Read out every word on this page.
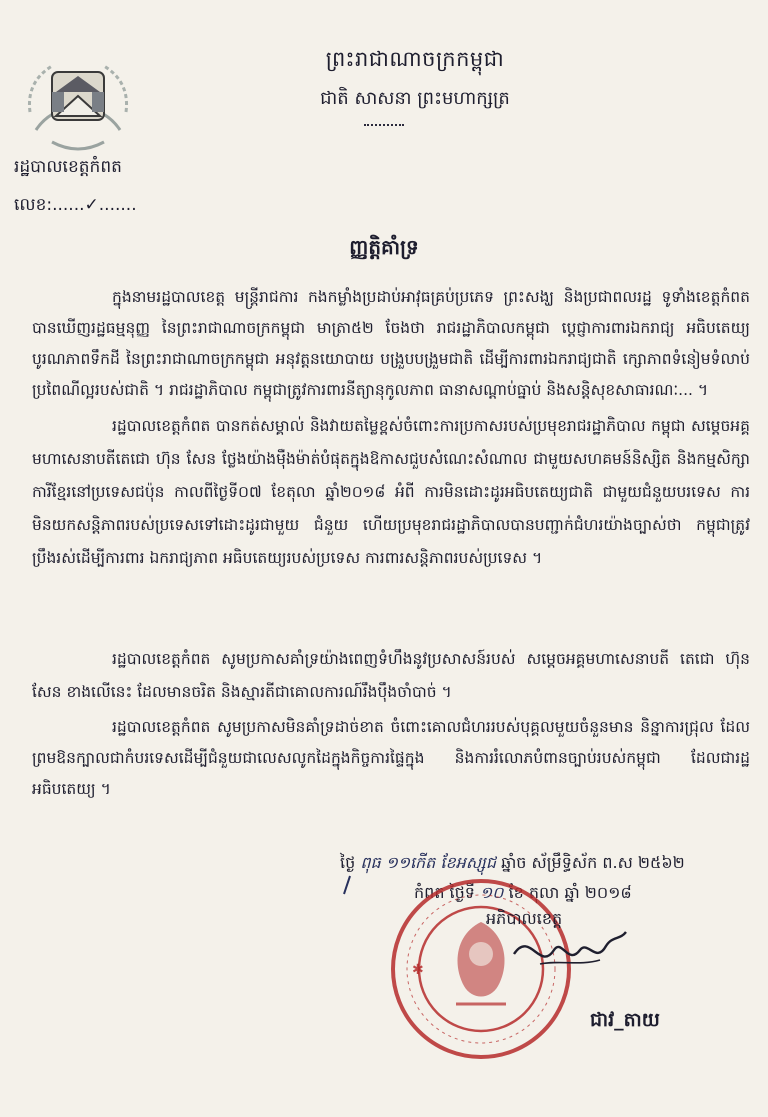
ព្រះរាជាណាចក្រកម្ពុជា
ជាតិ សាសនា ព្រះមហាក្សត្រ
រដ្ឋបាលខេត្តកំពត
លេខ:......✓.......
ញ្ញត្តិគាំទ្រ
ក្នុងនាមរដ្ឋបាលខេត្ត មន្ត្រីរាជការ កងកម្លាំងប្រដាប់អាវុធគ្រប់ប្រភេទ ព្រះសង្ឃ និងប្រជាពលរដ្ឋ ទូទាំងខេត្តកំពត បានឃើញរដ្ឋធម្មនុញ្ញ នៃព្រះរាជាណាចក្រកម្ពុជា មាត្រា៥២ ចែងថា រាជរដ្ឋាភិបាលកម្ពុជា ប្តេជ្ញាការពារឯករាជ្យ អធិបតេយ្យ បូរណភាពទឹកដី នៃព្រះរាជាណាចក្រកម្ពុជា អនុវត្តនយោបាយ បង្រួបបង្រួមជាតិ ដើម្បីការពារឯករាជ្យជាតិ ក្សោភាពទំនៀមទំលាប់ប្រពៃណីល្អរបស់ជាតិ ។ រាជរដ្ឋាភិបាល កម្ពុជាត្រូវការពារនីត្យានុកូលភាព ធានាសណ្តាប់ធ្នាប់ និងសន្តិសុខសាធារណៈ... ។
រដ្ឋបាលខេត្តកំពត បានកត់សម្គាល់ និងវាយតម្លៃខ្ពស់ចំពោះការប្រកាសរបស់ប្រមុខរាជរដ្ឋាភិបាល កម្ពុជា សម្តេចអគ្គមហាសេនាបតីតេជោ ហ៊ុន សែន ថ្លែងយ៉ាងម៉ឺងម៉ាត់បំផុតក្នុងឱកាសជួបសំណេះសំណាល ជាមួយសហគមន៍និស្សិត និងកម្មសិក្សាការីខ្មែរនៅប្រទេសជប៉ុន កាលពីថ្ងៃទី០៧ ខែតុលា ឆ្នាំ២០១៨ អំពី ការមិនដោះដូរអធិបតេយ្យជាតិ ជាមួយជំនួយបរទេស ការមិនយកសន្តិភាពរបស់ប្រទេសទៅដោះដូរជាមួយ ជំនួយ ហើយប្រមុខរាជរដ្ឋាភិបាលបានបញ្ជាក់ជំហរយ៉ាងច្បាស់ថា កម្ពុជាត្រូវប្រឹងរស់ដើម្បីការពារ ឯករាជ្យភាព អធិបតេយ្យរបស់ប្រទេស ការពារសន្តិភាពរបស់ប្រទេស ។
រដ្ឋបាលខេត្តកំពត សូមប្រកាសគាំទ្រយ៉ាងពេញទំហឹងនូវប្រសាសន៍របស់ សម្តេចអគ្គមហាសេនាបតី តេជោ ហ៊ុន សែន ខាងលើនេះ ដែលមានចរិត និងស្មារតីជាគោលការណ៍រឹងប៉ឹងចាំបាច់ ។
រដ្ឋបាលខេត្តកំពត សូមប្រកាសមិនគាំទ្រដាច់ខាត ចំពោះគោលជំហររបស់បុគ្គលមួយចំនួនមាន និន្នាការជ្រុល ដែលព្រមឱនក្បាលជាកំបរទេសដើម្បីជំនួយជាលេសលូកដៃក្នុងកិច្ចការផ្ទៃក្នុង និងការរំលោភបំពានច្បាប់របស់កម្ពុជា ដែលជារដ្ឋអធិបតេយ្យ ។
ថ្ងៃ ពុធ ១១កើត ខែអស្សុជ ឆ្នាំច ស័ម្រឹទ្ធិស័ក ព.ស ២៥៦២
កំពត ថ្ងៃទី ១០ ខែ តុលា ឆ្នាំ ២០១៨
✱
អភិបាលខេត្ត
ជាវ_តាយ
